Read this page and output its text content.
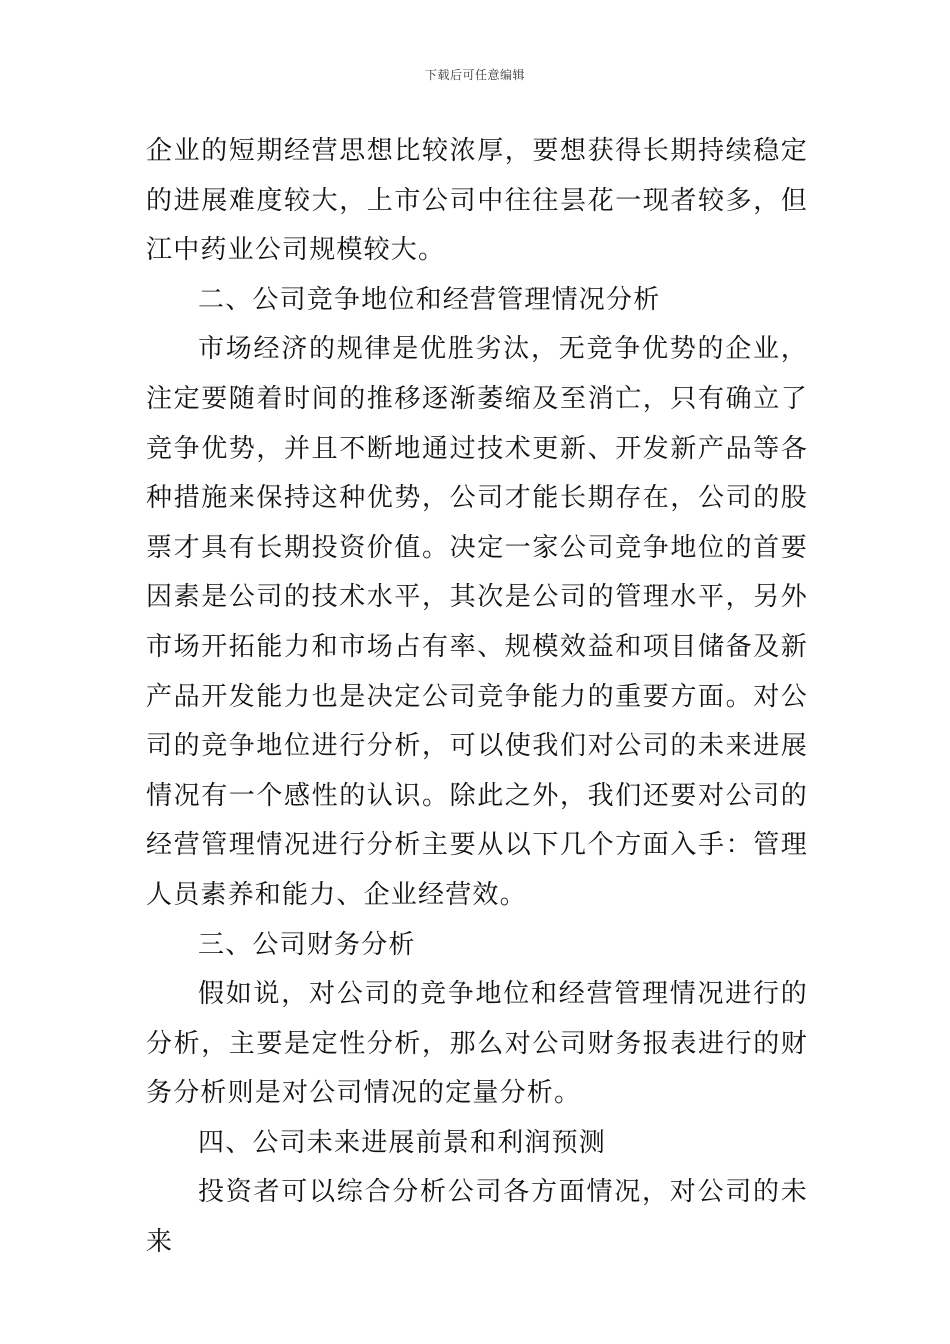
下载后可任意编辑

企业的短期经营思想比较浓厚，要想获得长期持续稳定的进展难度较大，上市公司中往往昙花一现者较多，但江中药业公司规模较大。

二、公司竞争地位和经营管理情况分析

市场经济的规律是优胜劣汰，无竞争优势的企业，注定要随着时间的推移逐渐萎缩及至消亡，只有确立了竞争优势，并且不断地通过技术更新、开发新产品等各种措施来保持这种优势，公司才能长期存在，公司的股票才具有长期投资价值。决定一家公司竞争地位的首要因素是公司的技术水平，其次是公司的管理水平，另外市场开拓能力和市场占有率、规模效益和项目储备及新产品开发能力也是决定公司竞争能力的重要方面。对公司的竞争地位进行分析，可以使我们对公司的未来进展情况有一个感性的认识。除此之外，我们还要对公司的经营管理情况进行分析主要从以下几个方面入手：管理人员素养和能力、企业经营效。

三、公司财务分析

假如说，对公司的竞争地位和经营管理情况进行的分析，主要是定性分析，那么对公司财务报表进行的财务分析则是对公司情况的定量分析。

四、公司未来进展前景和利润预测

投资者可以综合分析公司各方面情况，对公司的未来
